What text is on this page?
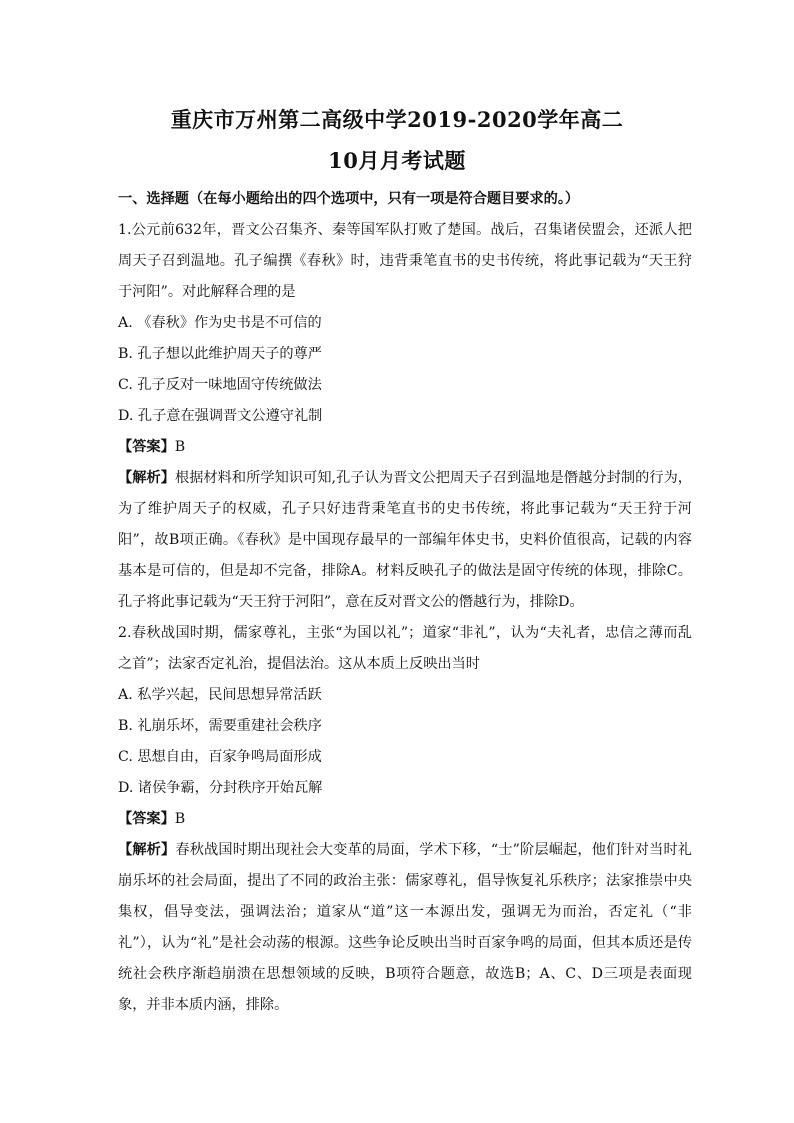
重庆市万州第二高级中学2019-2020学年高二
10月月考试题
一、选择题（在每小题给出的四个选项中，只有一项是符合题目要求的。）

1.公元前632年，晋文公召集齐、秦等国军队打败了楚国。战后，召集诸侯盟会，还派人把周天子召到温地。孔子编撰《春秋》时，违背秉笔直书的史书传统，将此事记载为“天王狩于河阳”。对此解释合理的是

A. 《春秋》作为史书是不可信的

B. 孔子想以此维护周天子的尊严

C. 孔子反对一味地固守传统做法

D. 孔子意在强调晋文公遵守礼制

【答案】B

【解析】根据材料和所学知识可知,孔子认为晋文公把周天子召到温地是僭越分封制的行为，为了维护周天子的权威，孔子只好违背秉笔直书的史书传统，将此事记载为“天王狩于河阳”，故B项正确。《春秋》是中国现存最早的一部编年体史书，史料价值很高，记载的内容基本是可信的，但是却不完备，排除A。材料反映孔子的做法是固守传统的体现，排除C。孔子将此事记载为“天王狩于河阳”，意在反对晋文公的僭越行为，排除D。

2.春秋战国时期，儒家尊礼，主张“为国以礼”；道家“非礼”，认为“夫礼者，忠信之薄而乱之首”；法家否定礼治，提倡法治。这从本质上反映出当时

A. 私学兴起，民间思想异常活跃

B. 礼崩乐坏，需要重建社会秩序

C. 思想自由，百家争鸣局面形成

D. 诸侯争霸，分封秩序开始瓦解

【答案】B

【解析】春秋战国时期出现社会大变革的局面，学术下移，“士”阶层崛起，他们针对当时礼崩乐坏的社会局面，提出了不同的政治主张：儒家尊礼，倡导恢复礼乐秩序；法家推崇中央集权，倡导变法，强调法治；道家从“道”这一本源出发，强调无为而治，否定礼（“非礼”），认为“礼”是社会动荡的根源。这些争论反映出当时百家争鸣的局面，但其本质还是传统社会秩序渐趋崩溃在思想领域的反映，B项符合题意，故选B；A、C、D三项是表面现象，并非本质内涵，排除。
